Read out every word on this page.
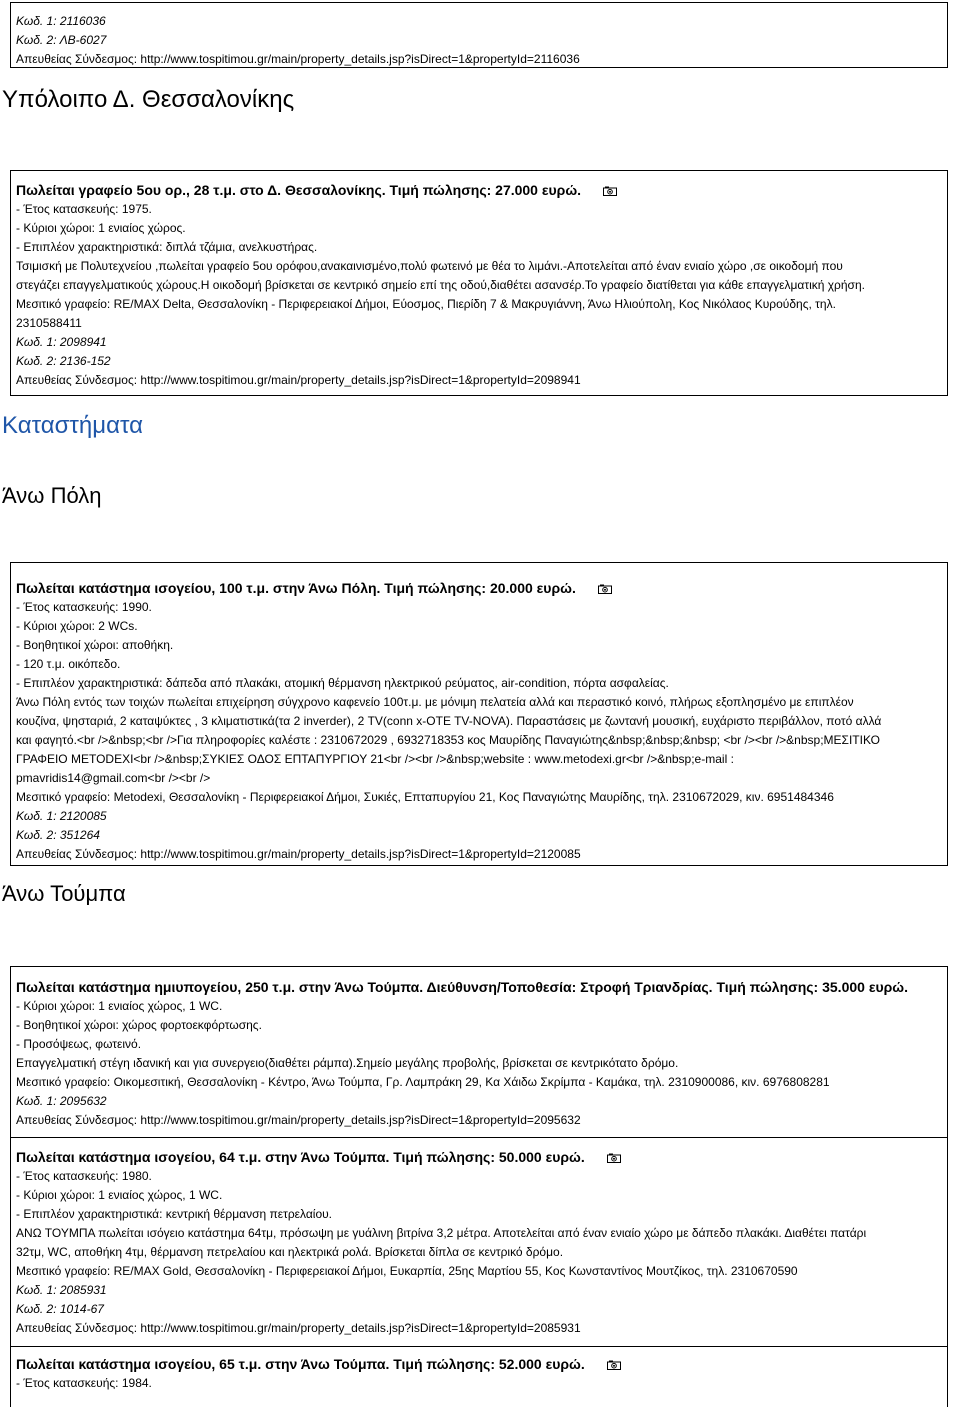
Κωδ. 1: 2116036
Κωδ. 2: ΛΒ-6027
Απευθείας Σύνδεσμος: http://www.tospitimou.gr/main/property_details.jsp?isDirect=1&propertyId=2116036
Υπόλοιπο Δ. Θεσσαλονίκης
Πωλείται γραφείο 5ου ορ., 28 τ.μ. στο Δ. Θεσσαλονίκης. Τιμή πώλησης: 27.000 ευρώ.
- Έτος κατασκευής: 1975.
- Κύριοι χώροι: 1 ενιαίος χώρος.
- Επιπλέον χαρακτηριστικά: διπλά τζάμια, ανελκυστήρας.
Τσιμισκή με Πολυτεχνείου ,πωλείται γραφείο 5ου ορόφου,ανακαινισμένο,πολύ φωτεινό με θέα το λιμάνι.-Αποτελείται από έναν ενιαίο χώρο ,σε οικοδομή που
στεγάζει επαγγελματικούς χώρους.Η οικοδομή βρίσκεται σε κεντρικό σημείο επί της οδού,διαθέτει ασανσέρ.Το γραφείο διατίθεται για κάθε επαγγελματική χρήση.
Μεσιτικό γραφείο: RE/MAX Delta, Θεσσαλονίκη - Περιφερειακοί Δήμοι, Εύοσμος, Πιερίδη 7 & Μακρυγιάννη, Άνω Ηλιούπολη, Κος Νικόλαος Κυρούδης, τηλ.
2310588411
Κωδ. 1: 2098941
Κωδ. 2: 2136-152
Απευθείας Σύνδεσμος: http://www.tospitimou.gr/main/property_details.jsp?isDirect=1&propertyId=2098941
Καταστήματα
Άνω Πόλη
Πωλείται κατάστημα ισογείου, 100 τ.μ. στην Άνω Πόλη. Τιμή πώλησης: 20.000 ευρώ.
- Έτος κατασκευής: 1990.
- Κύριοι χώροι: 2 WCs.
- Βοηθητικοί χώροι: αποθήκη.
- 120 τ.μ. οικόπεδο.
- Επιπλέον χαρακτηριστικά: δάπεδα από πλακάκι, ατομική θέρμανση ηλεκτρικού ρεύματος, air-condition, πόρτα ασφαλείας.
Άνω Πόλη εντός των τοιχών πωλείται επιχείρηση σύγχρονο καφενείο 100τ.μ. με μόνιμη πελατεία αλλά και περαστικό κοινό, πλήρως εξοπλησμένο με επιπλέον
κουζίνα, ψησταριά, 2 καταψύκτες , 3 κλιματιστικά(τα 2 inverder), 2 TV(conn x-OTE TV-NOVA). Παραστάσεις με ζωντανή μουσική, ευχάριστο περιβάλλον, ποτό αλλά
και φαγητό.<br />&nbsp;<br />Για πληροφορίες καλέστε : 2310672029 , 6932718353 κος Μαυρίδης Παναγιώτης&nbsp;&nbsp;&nbsp; <br /><br />&nbsp;ΜΕΣΙΤΙΚΟ
ΓΡΑΦΕΙΟ METODEXI<br />&nbsp;ΣΥΚΙΕΣ ΟΔΟΣ ΕΠΤΑΠΥΡΓΙΟΥ 21<br /><br />&nbsp;website : www.metodexi.gr<br />&nbsp;e-mail :
pmavridis14@gmail.com<br /><br />
Μεσιτικό γραφείο: Metodexi, Θεσσαλονίκη - Περιφερειακοί Δήμοι, Συκιές, Επταπυργίου 21, Κος Παναγιώτης Μαυρίδης, τηλ. 2310672029, κιν. 6951484346
Κωδ. 1: 2120085
Κωδ. 2: 351264
Απευθείας Σύνδεσμος: http://www.tospitimou.gr/main/property_details.jsp?isDirect=1&propertyId=2120085
Άνω Τούμπα
Πωλείται κατάστημα ημιυπογείου, 250 τ.μ. στην Άνω Τούμπα. Διεύθυνση/Τοποθεσία: Στροφή Τριανδρίας. Τιμή πώλησης: 35.000 ευρώ.
- Κύριοι χώροι: 1 ενιαίος χώρος, 1 WC.
- Βοηθητικοί χώροι: χώρος φορτοεκφόρτωσης.
- Προσόψεως, φωτεινό.
Επαγγελματική στέγη ιδανική και για συνεργειο(διαθέτει ράμπα).Σημείο μεγάλης προβολής, βρίσκεται σε κεντρικότατο δρόμο.
Μεσιτικό γραφείο: Οικομεσιτική, Θεσσαλονίκη - Κέντρο, Άνω Τούμπα, Γρ. Λαμπράκη 29, Κα Χάιδω Σκρίμπα - Καμάκα, τηλ. 2310900086, κιν. 6976808281
Κωδ. 1: 2095632
Απευθείας Σύνδεσμος: http://www.tospitimou.gr/main/property_details.jsp?isDirect=1&propertyId=2095632
Πωλείται κατάστημα ισογείου, 64 τ.μ. στην Άνω Τούμπα. Τιμή πώλησης: 50.000 ευρώ.
- Έτος κατασκευής: 1980.
- Κύριοι χώροι: 1 ενιαίος χώρος, 1 WC.
- Επιπλέον χαρακτηριστικά: κεντρική θέρμανση πετρελαίου.
ΑΝΩ ΤΟΥΜΠΑ πωλείται ισόγειο κατάστημα 64τμ, πρόσωψη με γυάλινη βιτρίνα 3,2 μέτρα. Αποτελείται από έναν ενιαίο χώρο με δάπεδο πλακάκι. Διαθέτει πατάρι
32τμ, WC, αποθήκη 4τμ, θέρμανση πετρελαίου και ηλεκτρικά ρολά. Βρίσκεται δίπλα σε κεντρικό δρόμο.
Μεσιτικό γραφείο: RE/MAX Gold, Θεσσαλονίκη - Περιφερειακοί Δήμοι, Ευκαρπία, 25ης Μαρτίου 55, Κος Κωνσταντίνος Μουτζίκος, τηλ. 2310670590
Κωδ. 1: 2085931
Κωδ. 2: 1014-67
Απευθείας Σύνδεσμος: http://www.tospitimou.gr/main/property_details.jsp?isDirect=1&propertyId=2085931
Πωλείται κατάστημα ισογείου, 65 τ.μ. στην Άνω Τούμπα. Τιμή πώλησης: 52.000 ευρώ.
- Έτος κατασκευής: 1984.
